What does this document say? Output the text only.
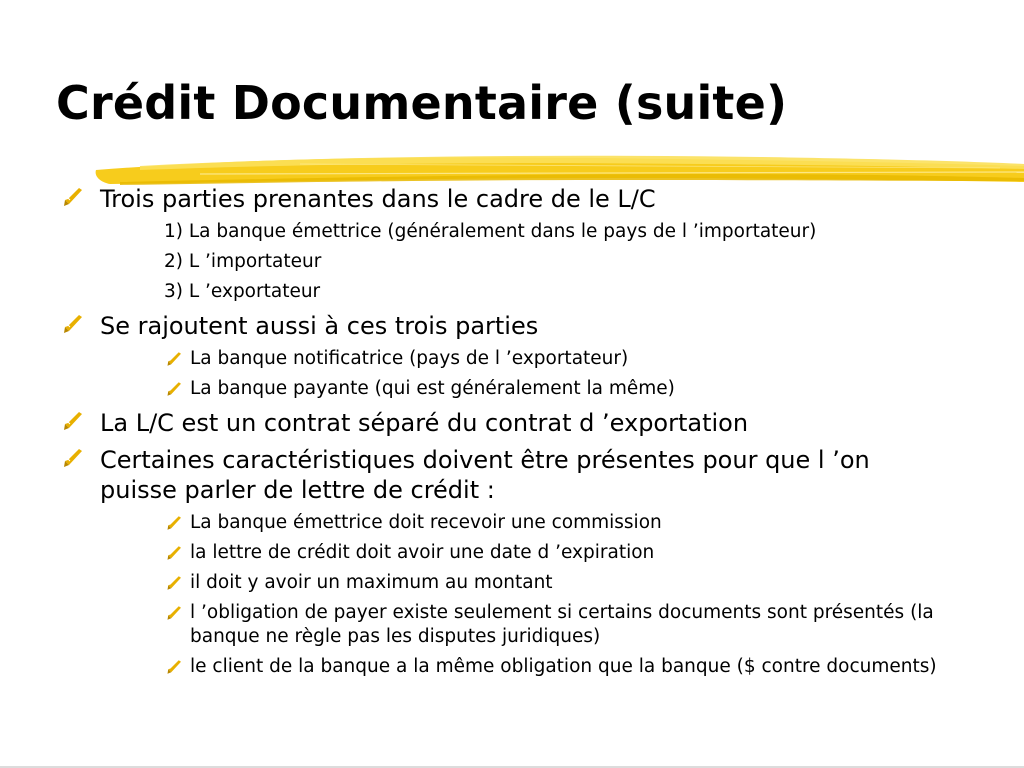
Crédit Documentaire (suite)

Trois parties prenantes dans le cadre de le L/C

1) La banque émettrice (généralement dans le pays de l ’importateur)

2) L ’importateur

3) L ’exportateur

Se rajoutent aussi à ces trois parties

La banque notificatrice (pays de l ’exportateur)

La banque payante (qui est généralement la même)

La L/C est un contrat séparé du contrat d ’exportation

Certaines caractéristiques doivent être présentes pour que l ’on puisse parler de lettre de crédit :

La banque émettrice doit recevoir une commission

la lettre de crédit doit avoir une date d ’expiration

il doit y avoir un maximum au montant

l ’obligation de payer existe seulement si certains documents sont présentés (la banque ne règle pas les disputes juridiques)

le client de la banque a la même obligation que la banque ($ contre documents)
